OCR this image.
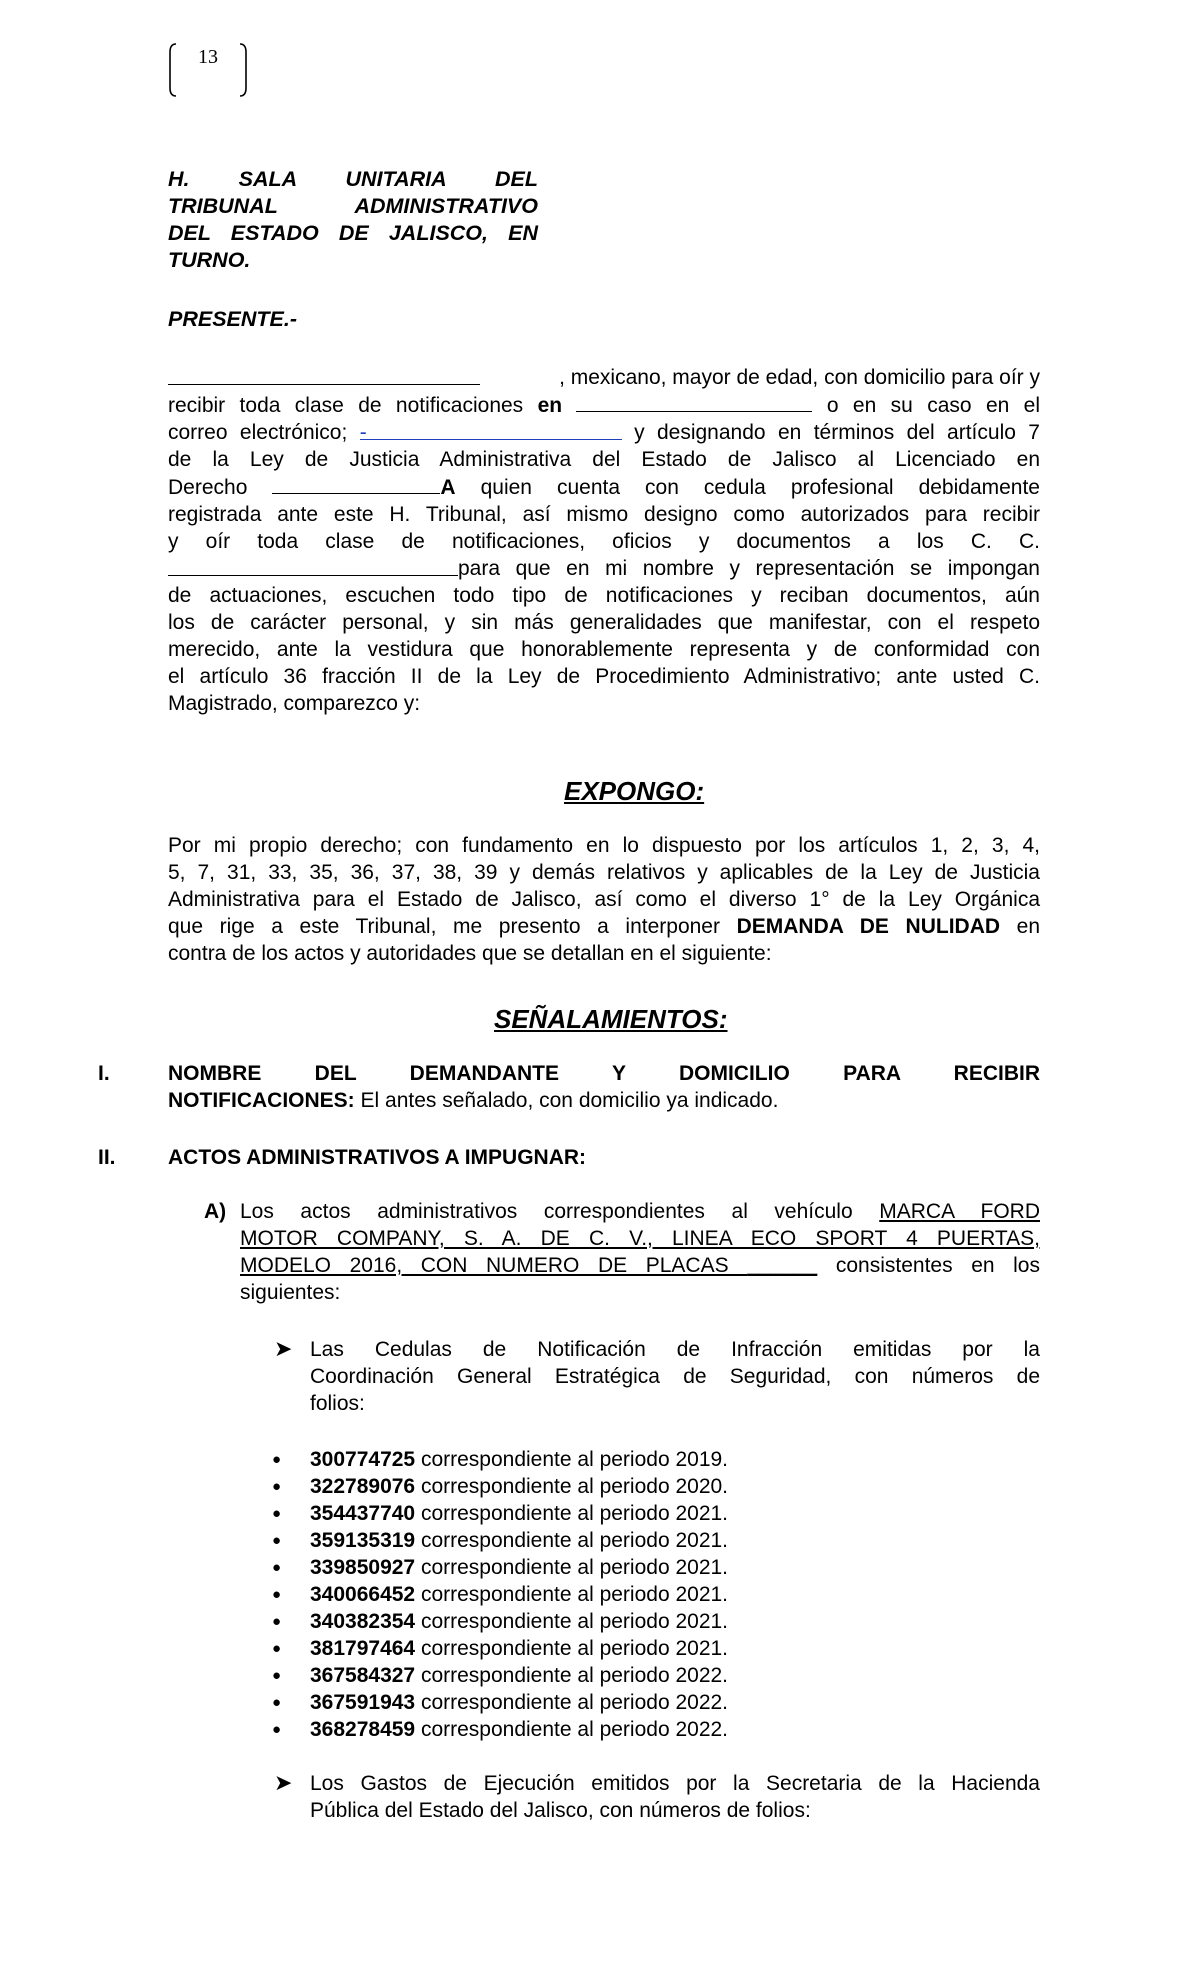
13
H. SALA UNITARIA DEL
TRIBUNAL ADMINISTRATIVO
DEL ESTADO DE JALISCO, EN
TURNO.
PRESENTE.-
, mexicano, mayor de edad, con domicilio para oír y
recibir toda clase de notificaciones en	o en su caso en el
correo electrónico; -	y designando en términos del artículo 7
de la Ley de Justicia Administrativa del Estado de Jalisco al Licenciado en
Derecho	A quien cuenta con cedula profesional debidamente
registrada ante este H. Tribunal, así mismo designo como autorizados para recibir
y oír toda clase de notificaciones, oficios y documentos a los C. C.
para que en mi nombre y representación se impongan
de actuaciones, escuchen todo tipo de notificaciones y reciban documentos, aún
los de carácter personal, y sin más generalidades que manifestar, con el respeto
merecido, ante la vestidura que honorablemente representa y de conformidad con
el artículo 36 fracción II de la Ley de Procedimiento Administrativo; ante usted C.
Magistrado, comparezco y:
EXPONGO:
Por mi propio derecho; con fundamento en lo dispuesto por los artículos 1, 2, 3, 4,
5, 7, 31, 33, 35, 36, 37, 38, 39 y demás relativos y aplicables de la Ley de Justicia
Administrativa para el Estado de Jalisco, así como el diverso 1° de la Ley Orgánica
que rige a este Tribunal, me presento a interponer DEMANDA DE NULIDAD en
contra de los actos y autoridades que se detallan en el siguiente:
SEÑALAMIENTOS:
I.	NOMBRE DEL DEMANDANTE Y DOMICILIO PARA RECIBIR
NOTIFICACIONES: El antes señalado, con domicilio ya indicado.
II. ACTOS ADMINISTRATIVOS A IMPUGNAR:
A) Los actos administrativos correspondientes al vehículo MARCA FORD
MOTOR COMPANY, S. A. DE C. V., LINEA ECO SPORT 4 PUERTAS,
MODELO 2016, CON NUMERO DE PLACAS ______ consistentes en los
siguientes:
➤ Las Cedulas de Notificación de Infracción emitidas por la
Coordinación General Estratégica de Seguridad, con números de
folios:
● 300774725 correspondiente al periodo 2019.
● 322789076 correspondiente al periodo 2020.
● 354437740 correspondiente al periodo 2021.
● 359135319 correspondiente al periodo 2021.
● 339850927 correspondiente al periodo 2021.
● 340066452 correspondiente al periodo 2021.
● 340382354 correspondiente al periodo 2021.
● 381797464 correspondiente al periodo 2021.
● 367584327 correspondiente al periodo 2022.
● 367591943 correspondiente al periodo 2022.
● 368278459 correspondiente al periodo 2022.
➤ Los Gastos de Ejecución emitidos por la Secretaria de la Hacienda
Pública del Estado del Jalisco, con números de folios:
